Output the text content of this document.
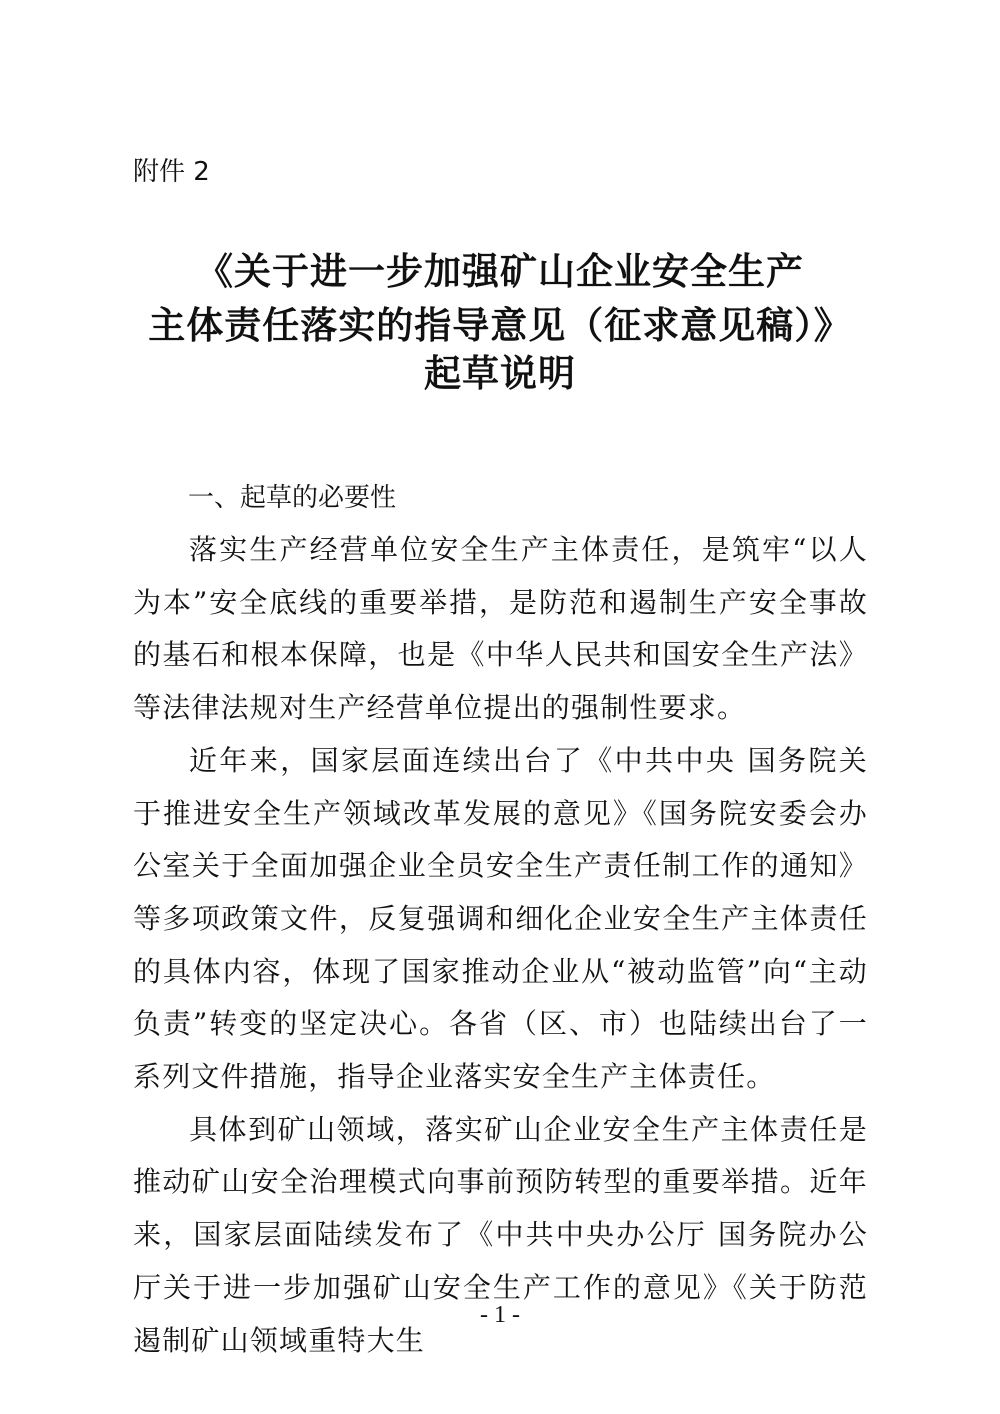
附件 2
《关于进一步加强矿山企业安全生产
主体责任落实的指导意见（征求意见稿）》
起草说明
一、起草的必要性

落实生产经营单位安全生产主体责任，是筑牢“以人为本”安全底线的重要举措，是防范和遏制生产安全事故的基石和根本保障，也是《中华人民共和国安全生产法》等法律法规对生产经营单位提出的强制性要求。

近年来，国家层面连续出台了《中共中央 国务院关于推进安全生产领域改革发展的意见》《国务院安委会办公室关于全面加强企业全员安全生产责任制工作的通知》等多项政策文件，反复强调和细化企业安全生产主体责任的具体内容，体现了国家推动企业从“被动监管”向“主动负责”转变的坚定决心。各省（区、市）也陆续出台了一系列文件措施，指导企业落实安全生产主体责任。

具体到矿山领域，落实矿山企业安全生产主体责任是推动矿山安全治理模式向事前预防转型的重要举措。近年来，国家层面陆续发布了《中共中央办公厅 国务院办公厅关于进一步加强矿山安全生产工作的意见》《关于防范遏制矿山领域重特大生

- 1 -
